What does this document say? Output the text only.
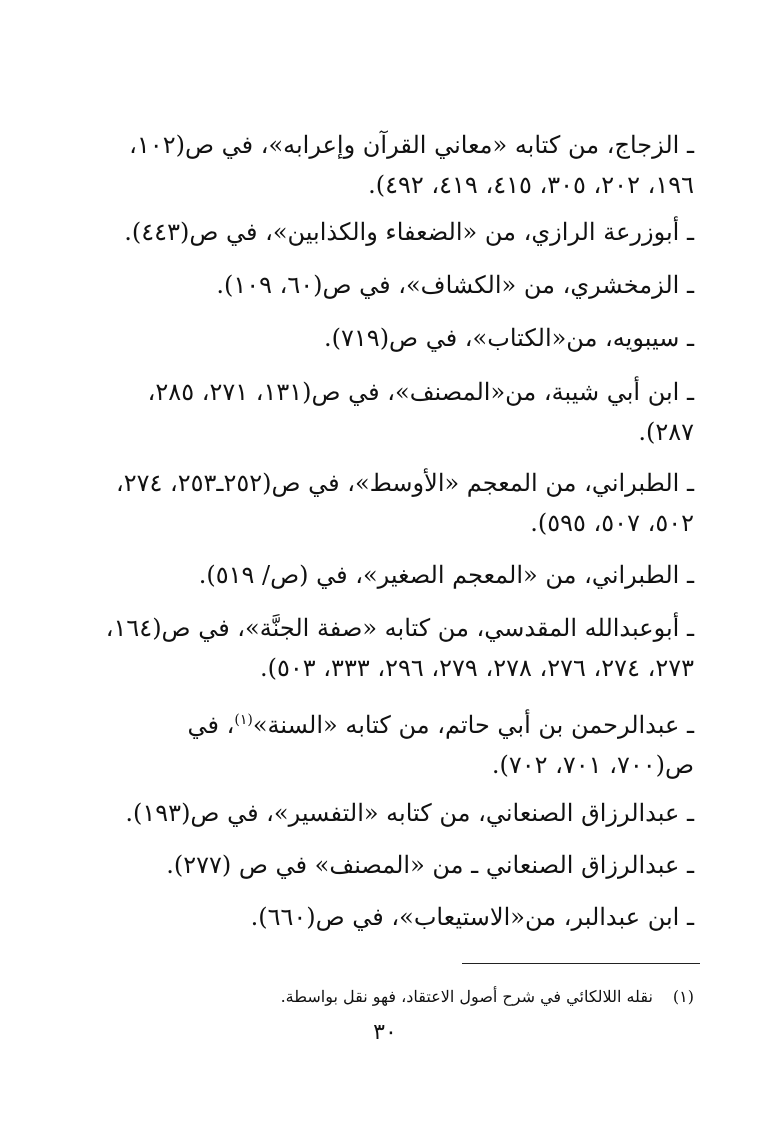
ـ الزجاج، من كتابه «معاني القرآن وإعرابه»، في ص(١٠٢،
١٩٦، ٢٠٢، ٣٠٥، ٤١٥، ٤١٩، ٤٩٢).
ـ أبوزرعة الرازي، من «الضعفاء والكذابين»، في ص(٤٤٣).
ـ الزمخشري، من «الكشاف»، في ص(٦٠، ١٠٩).
ـ سيبويه، من«الكتاب»، في ص(٧١٩).
ـ ابن أبي شيبة، من«المصنف»، في ص(١٣١، ٢٧١، ٢٨٥،
٢٨٧).
ـ الطبراني، من المعجم «الأوسط»، في ص(٢٥٢ـ٢٥٣، ٢٧٤،
٥٠٢، ٥٠٧، ٥٩٥).
ـ الطبراني، من «المعجم الصغير»، في (ص/ ٥١٩).
ـ أبوعبدالله المقدسي، من كتابه «صفة الجنَّة»، في ص(١٦٤،
٢٧٣، ٢٧٤، ٢٧٦، ٢٧٨، ٢٧٩، ٢٩٦، ٣٣٣، ٥٠٣).
ـ عبدالرحمن بن أبي حاتم، من كتابه «السنة»$^{(١)}$، في
ص(٧٠٠، ٧٠١، ٧٠٢).
ـ عبدالرزاق الصنعاني، من كتابه «التفسير»، في ص(١٩٣).
ـ عبدالرزاق الصنعاني ـ من «المصنف» في ص (٢٧٧).
ـ ابن عبدالبر، من«الاستيعاب»، في ص(٦٦٠).
(١)نقله اللالكائي في شرح أصول الاعتقاد، فهو نقل بواسطة.
٣٠
